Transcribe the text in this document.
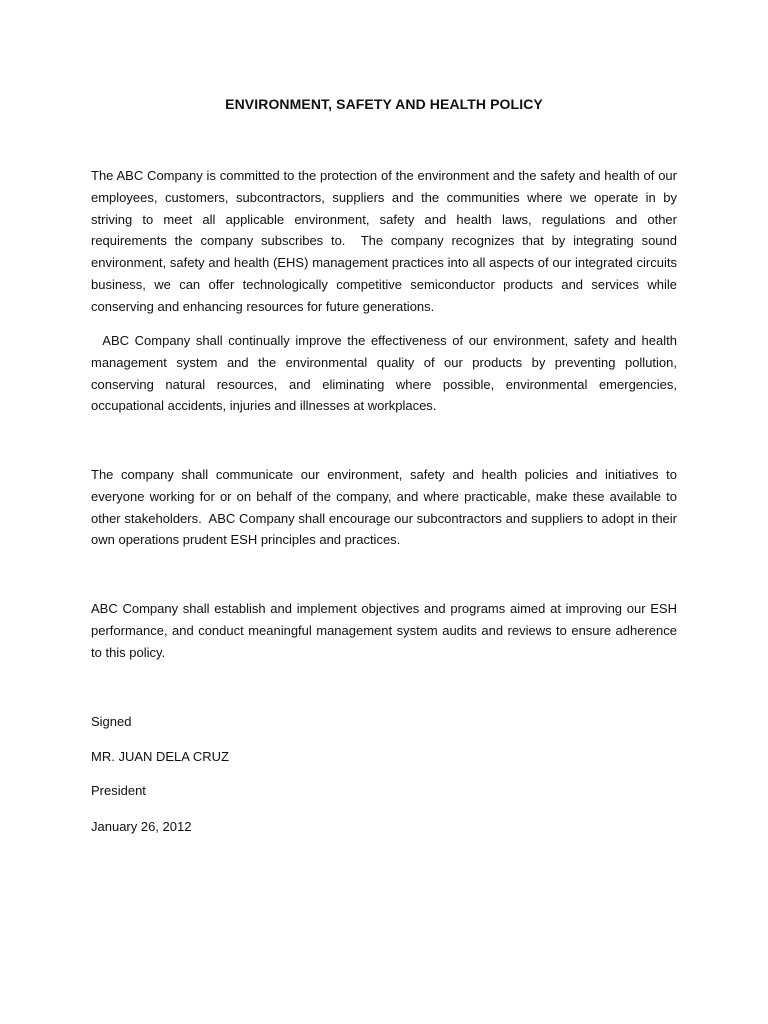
ENVIRONMENT, SAFETY AND HEALTH POLICY

The ABC Company is committed to the protection of the environment and the safety and health of our employees, customers, subcontractors, suppliers and the communities where we operate in by striving to meet all applicable environment, safety and health laws, regulations and other requirements the company subscribes to.  The company recognizes that by integrating sound environment, safety and health (EHS) management practices into all aspects of our integrated circuits business, we can offer technologically competitive semiconductor products and services while conserving and enhancing resources for future generations.

ABC Company shall continually improve the effectiveness of our environment, safety and health management system and the environmental quality of our products by preventing pollution, conserving natural resources, and eliminating where possible, environmental emergencies, occupational accidents, injuries and illnesses at workplaces.

The company shall communicate our environment, safety and health policies and initiatives to everyone working for or on behalf of the company, and where practicable, make these available to other stakeholders.  ABC Company shall encourage our subcontractors and suppliers to adopt in their own operations prudent ESH principles and practices.

ABC Company shall establish and implement objectives and programs aimed at improving our ESH performance, and conduct meaningful management system audits and reviews to ensure adherence to this policy.

Signed
MR. JUAN DELA CRUZ
President
January 26, 2012
